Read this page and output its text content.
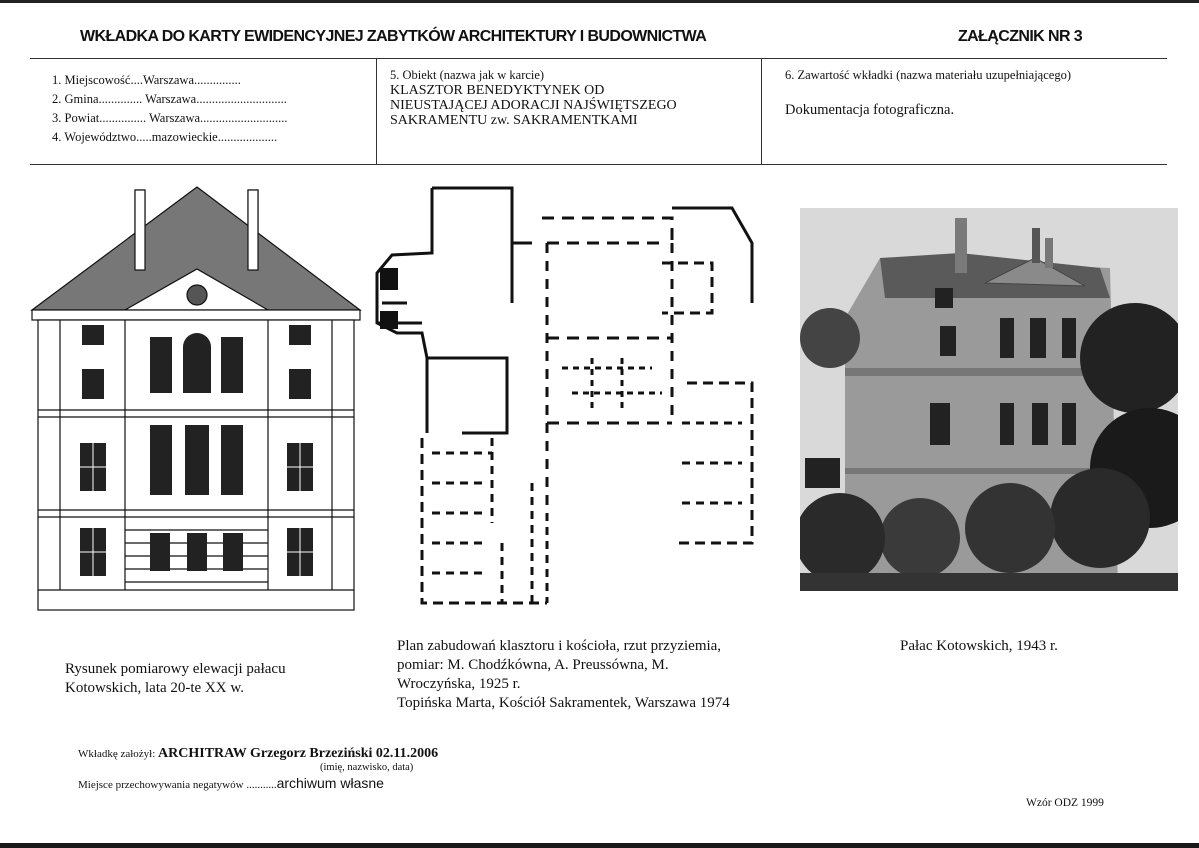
WKŁADKA DO KARTY EWIDENCYJNEJ ZABYTKÓW ARCHITEKTURY I BUDOWNICTWA	ZAŁĄCZNIK NR 3
1. Miejscowość....Warszawa...............
2. Gmina.............. Warszawa.............................
3. Powiat............... Warszawa............................
4. Województwo.....mazowieckie...................
5. Obiekt (nazwa jak w karcie)
KLASZTOR BENEDYKTYNEK OD
NIEUSTAJĄCEJ ADORACJI NAJŚWIĘTSZEGO
SAKRAMENTU zw. SAKRAMENTKAMI
6. Zawartość wkładki (nazwa materiału uzupełniającego)
Dokumentacja fotograficzna.
Rysunek pomiarowy elewacji pałacu
Kotowskich, lata 20-te XX w.
Plan zabudowań klasztoru i kościoła, rzut przyziemia,
pomiar: M. Chodźkówna, A. Preussówna, M.
Wroczyńska, 1925 r.
Topińska Marta, Kościół Sakramentek, Warszawa 1974
Pałac Kotowskich, 1943 r.
Wkładkę założył: ARCHITRAW Grzegorz Brzeziński 02.11.2006
(imię, nazwisko, data)
Miejsce przechowywania negatywów ...........archiwum własne
Wzór ODZ 1999
